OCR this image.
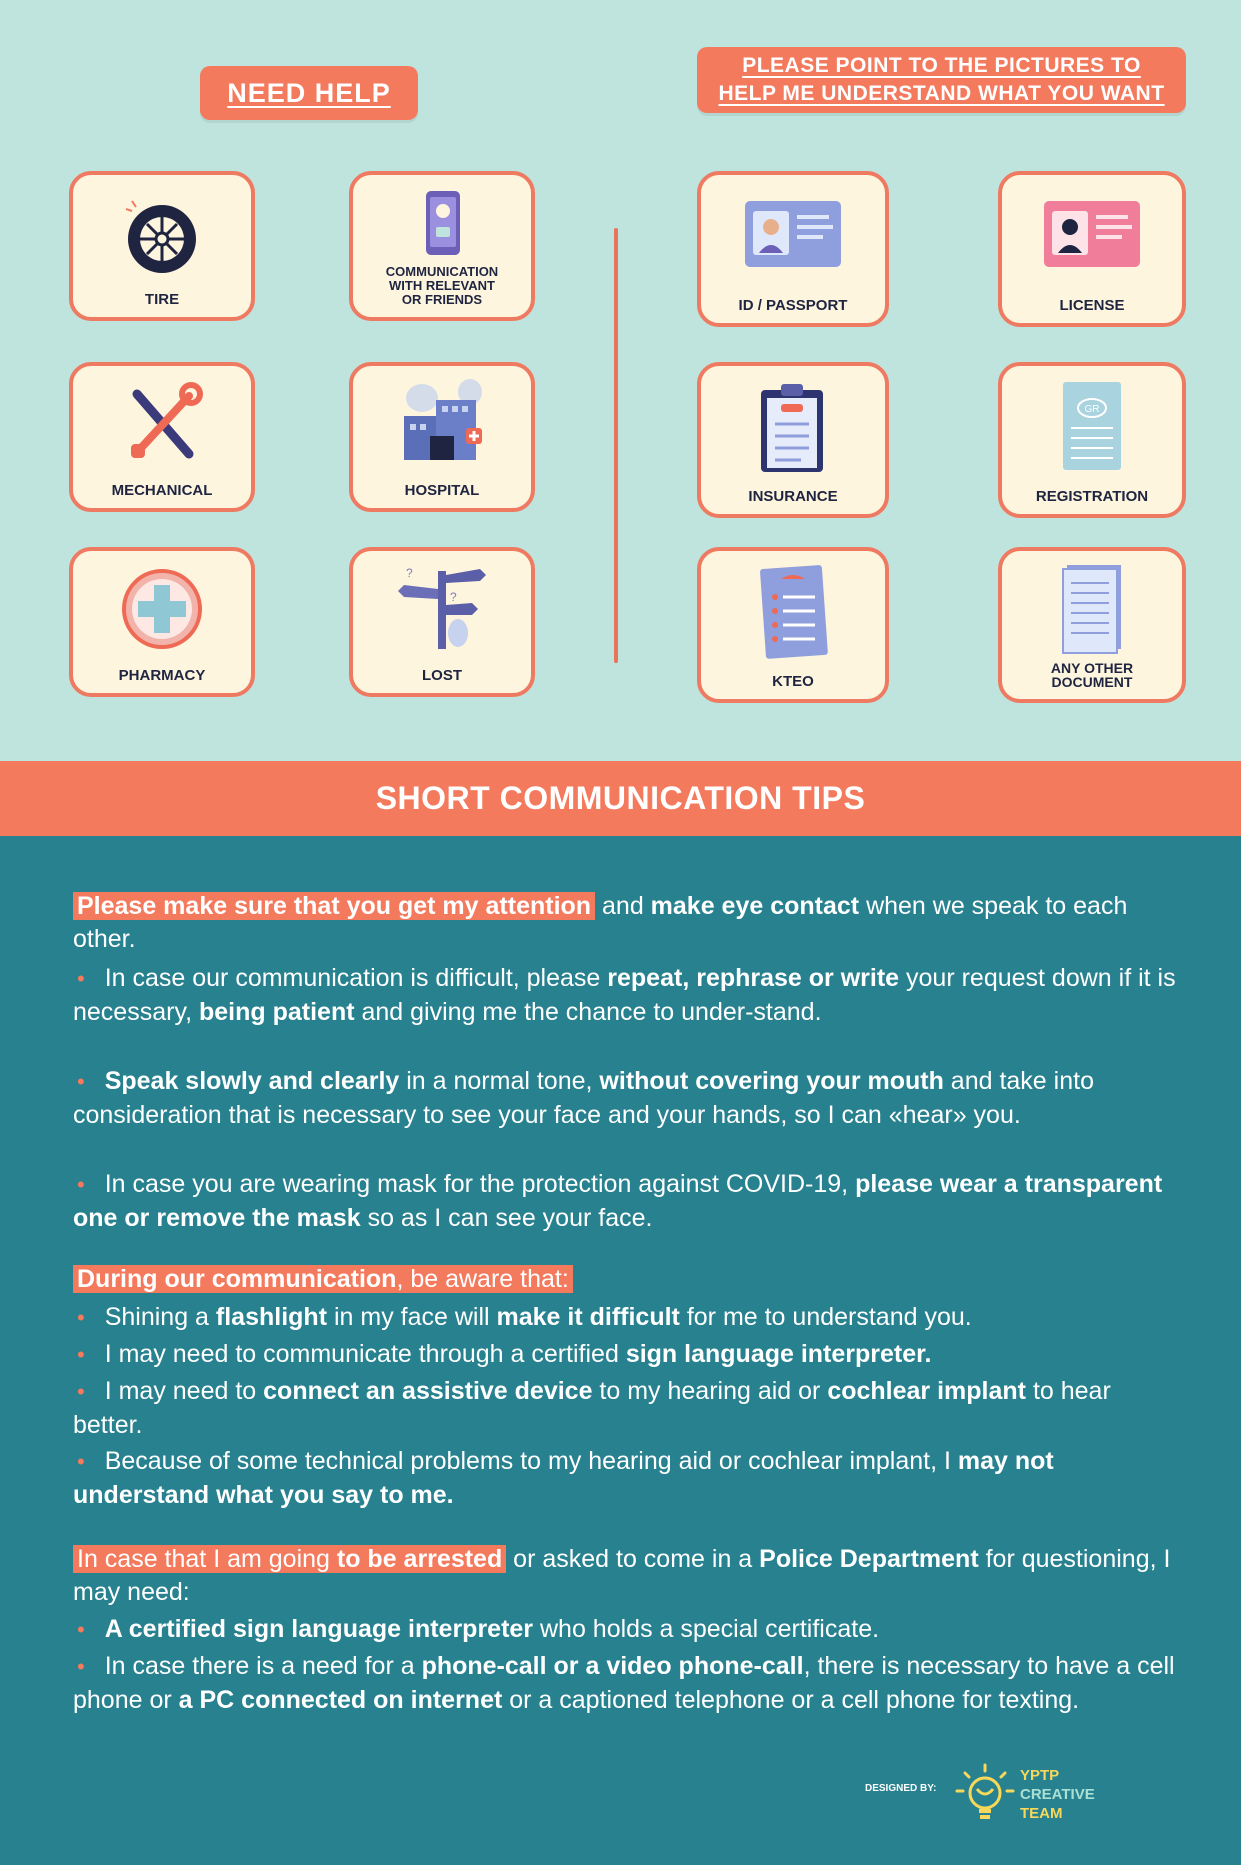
NEED HELP
PLEASE POINT TO THE PICTURES TO
HELP ME UNDERSTAND WHAT YOU WANT
TIRE
COMMUNICATION
WITH RELEVANT
OR FRIENDS
MECHANICAL	HOSPITAL
PHARMACY
?
?
LOST
ID / PASSPORT	LICENSE
INSURANCE
GR
REGISTRATION
KTEO
ANY OTHER
DOCUMENT
SHORT COMMUNICATION TIPS
Please make sure that you get my attention and make eye contact when we speak to each other.
• In case our communication is difficult, please repeat, rephrase or write your request down if it is necessary, being patient and giving me the chance to under-stand.
• Speak slowly and clearly in a normal tone, without covering your mouth and take into consideration that is necessary to see your face and your hands, so I can «hear» you.
• In case you are wearing mask for the protection against COVID-19, please wear a transparent one or remove the mask so as I can see your face.
During our communication, be aware that:
• Shining a flashlight in my face will make it difficult for me to understand you.
• I may need to communicate through a certified sign language interpreter.
• I may need to connect an assistive device to my hearing aid or cochlear implant to hear better.
• Because of some technical problems to my hearing aid or cochlear implant, I may not understand what you say to me.
In case that I am going to be arrested or asked to come in a Police Department for questioning, I may need:
• A certified sign language interpreter who holds a special certificate.
• In case there is a need for a phone-call or a video phone-call, there is necessary to have a cell phone or a PC connected on internet or a captioned telephone or a cell phone for texting.
DESIGNED BY:
YPTP
CREATIVE
TEAM
